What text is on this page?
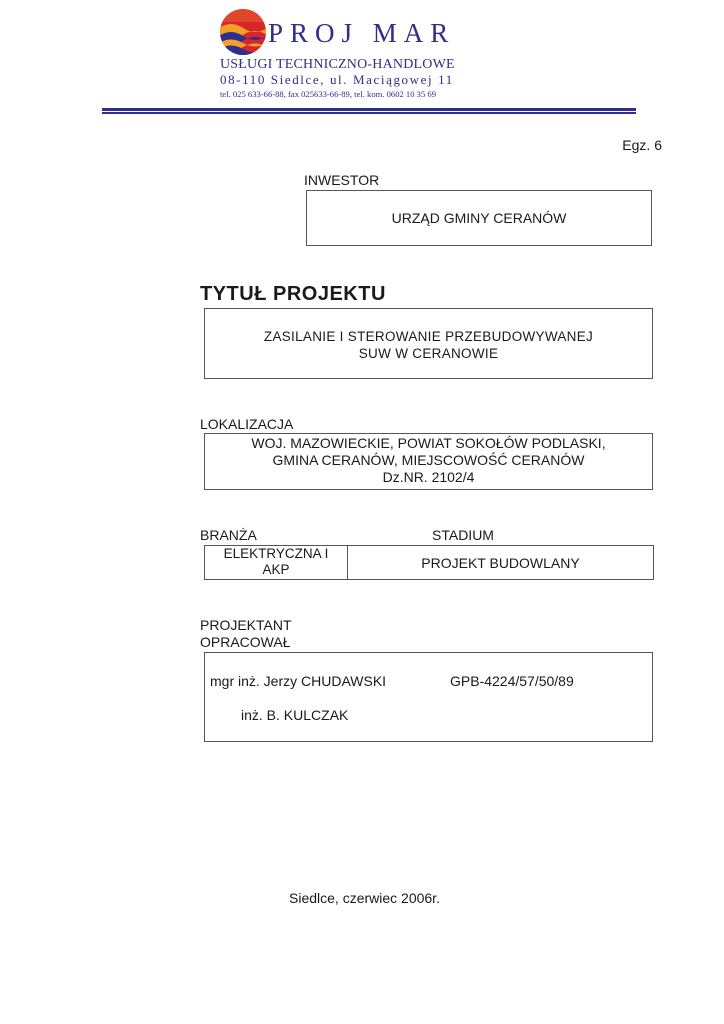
PROJ MAR
USŁUGI TECHNICZNO-HANDLOWE
08-110 Siedlce, ul. Maciągowej 11
tel. 025 633-66-88, fax 025633-66-89, tel. kom. 0602 10 35 69
Egz. 6
INWESTOR
URZĄD GMINY CERANÓW
TYTUŁ PROJEKTU
ZASILANIE I STEROWANIE PRZEBUDOWYWANEJ
SUW W CERANOWIE
LOKALIZACJA
WOJ. MAZOWIECKIE, POWIAT SOKOŁÓW PODLASKI,
GMINA CERANÓW, MIEJSCOWOŚĆ CERANÓW
Dz.NR. 2102/4
BRANŻA	STADIUM
ELEKTRYCZNA I
AKP	PROJEKT BUDOWLANY
PROJEKTANT
OPRACOWAŁ
mgr inż. Jerzy CHUDAWSKI	GPB-4224/57/50/89
inż. B. KULCZAK
Siedlce, czerwiec 2006r.
